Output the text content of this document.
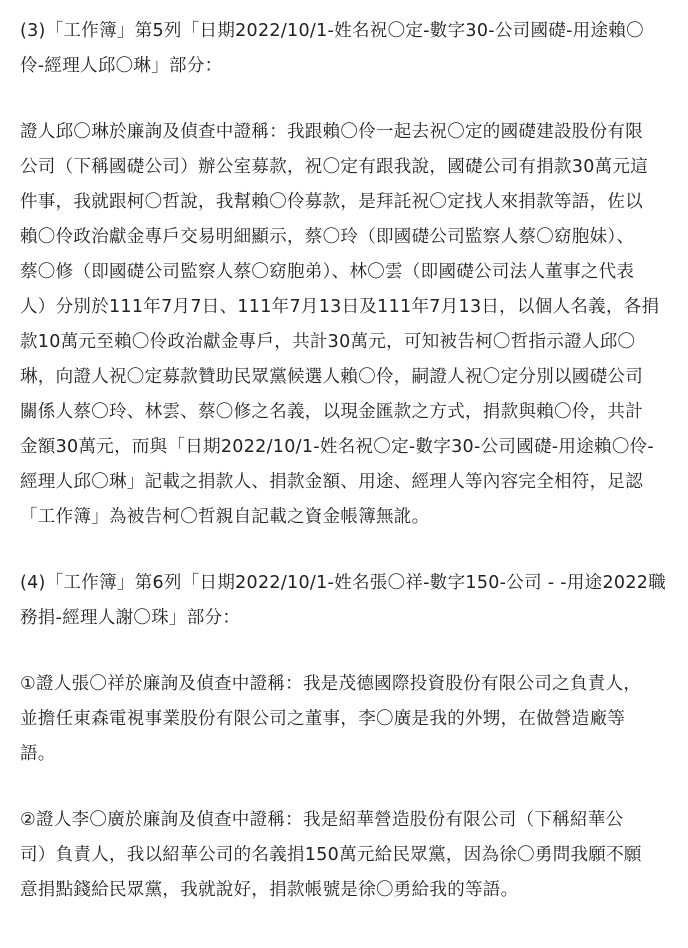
(3)「工作簿」第5列「日期2022/10/1-姓名祝〇定-數字30-公司國礎-用途賴〇
伶-經理人邱〇琳」部分：

證人邱〇琳於廉詢及偵查中證稱：我跟賴〇伶一起去祝〇定的國礎建設股份有限
公司（下稱國礎公司）辦公室募款，祝〇定有跟我說，國礎公司有捐款30萬元這
件事，我就跟柯〇哲說，我幫賴〇伶募款，是拜託祝〇定找人來捐款等語，佐以
賴〇伶政治獻金專戶交易明細顯示，蔡〇玲（即國礎公司監察人蔡〇窈胞妹）、
蔡〇修（即國礎公司監察人蔡〇窈胞弟）、林〇雲（即國礎公司法人董事之代表
人）分別於111年7月7日、111年7月13日及111年7月13日，以個人名義，各捐
款10萬元至賴〇伶政治獻金專戶，共計30萬元，可知被告柯〇哲指示證人邱〇
琳，向證人祝〇定募款贊助民眾黨候選人賴〇伶，嗣證人祝〇定分別以國礎公司
關係人蔡〇玲、林雲、蔡〇修之名義，以現金匯款之方式，捐款與賴〇伶，共計
金額30萬元，而與「日期2022/10/1-姓名祝〇定-數字30-公司國礎-用途賴〇伶-
經理人邱〇琳」記載之捐款人、捐款金額、用途、經理人等內容完全相符，足認
「工作簿」為被告柯〇哲親自記載之資金帳簿無訛。

(4)「工作簿」第6列「日期2022/10/1-姓名張〇祥-數字150-公司 - -用途2022職
務捐-經理人謝〇珠」部分：

①證人張〇祥於廉詢及偵查中證稱：我是茂德國際投資股份有限公司之負責人，
並擔任東森電視事業股份有限公司之董事，李〇廣是我的外甥，在做營造廠等
語。

②證人李〇廣於廉詢及偵查中證稱：我是紹華營造股份有限公司（下稱紹華公
司）負責人，我以紹華公司的名義捐150萬元給民眾黨，因為徐〇勇問我願不願
意捐點錢給民眾黨，我就說好，捐款帳號是徐〇勇給我的等語。
